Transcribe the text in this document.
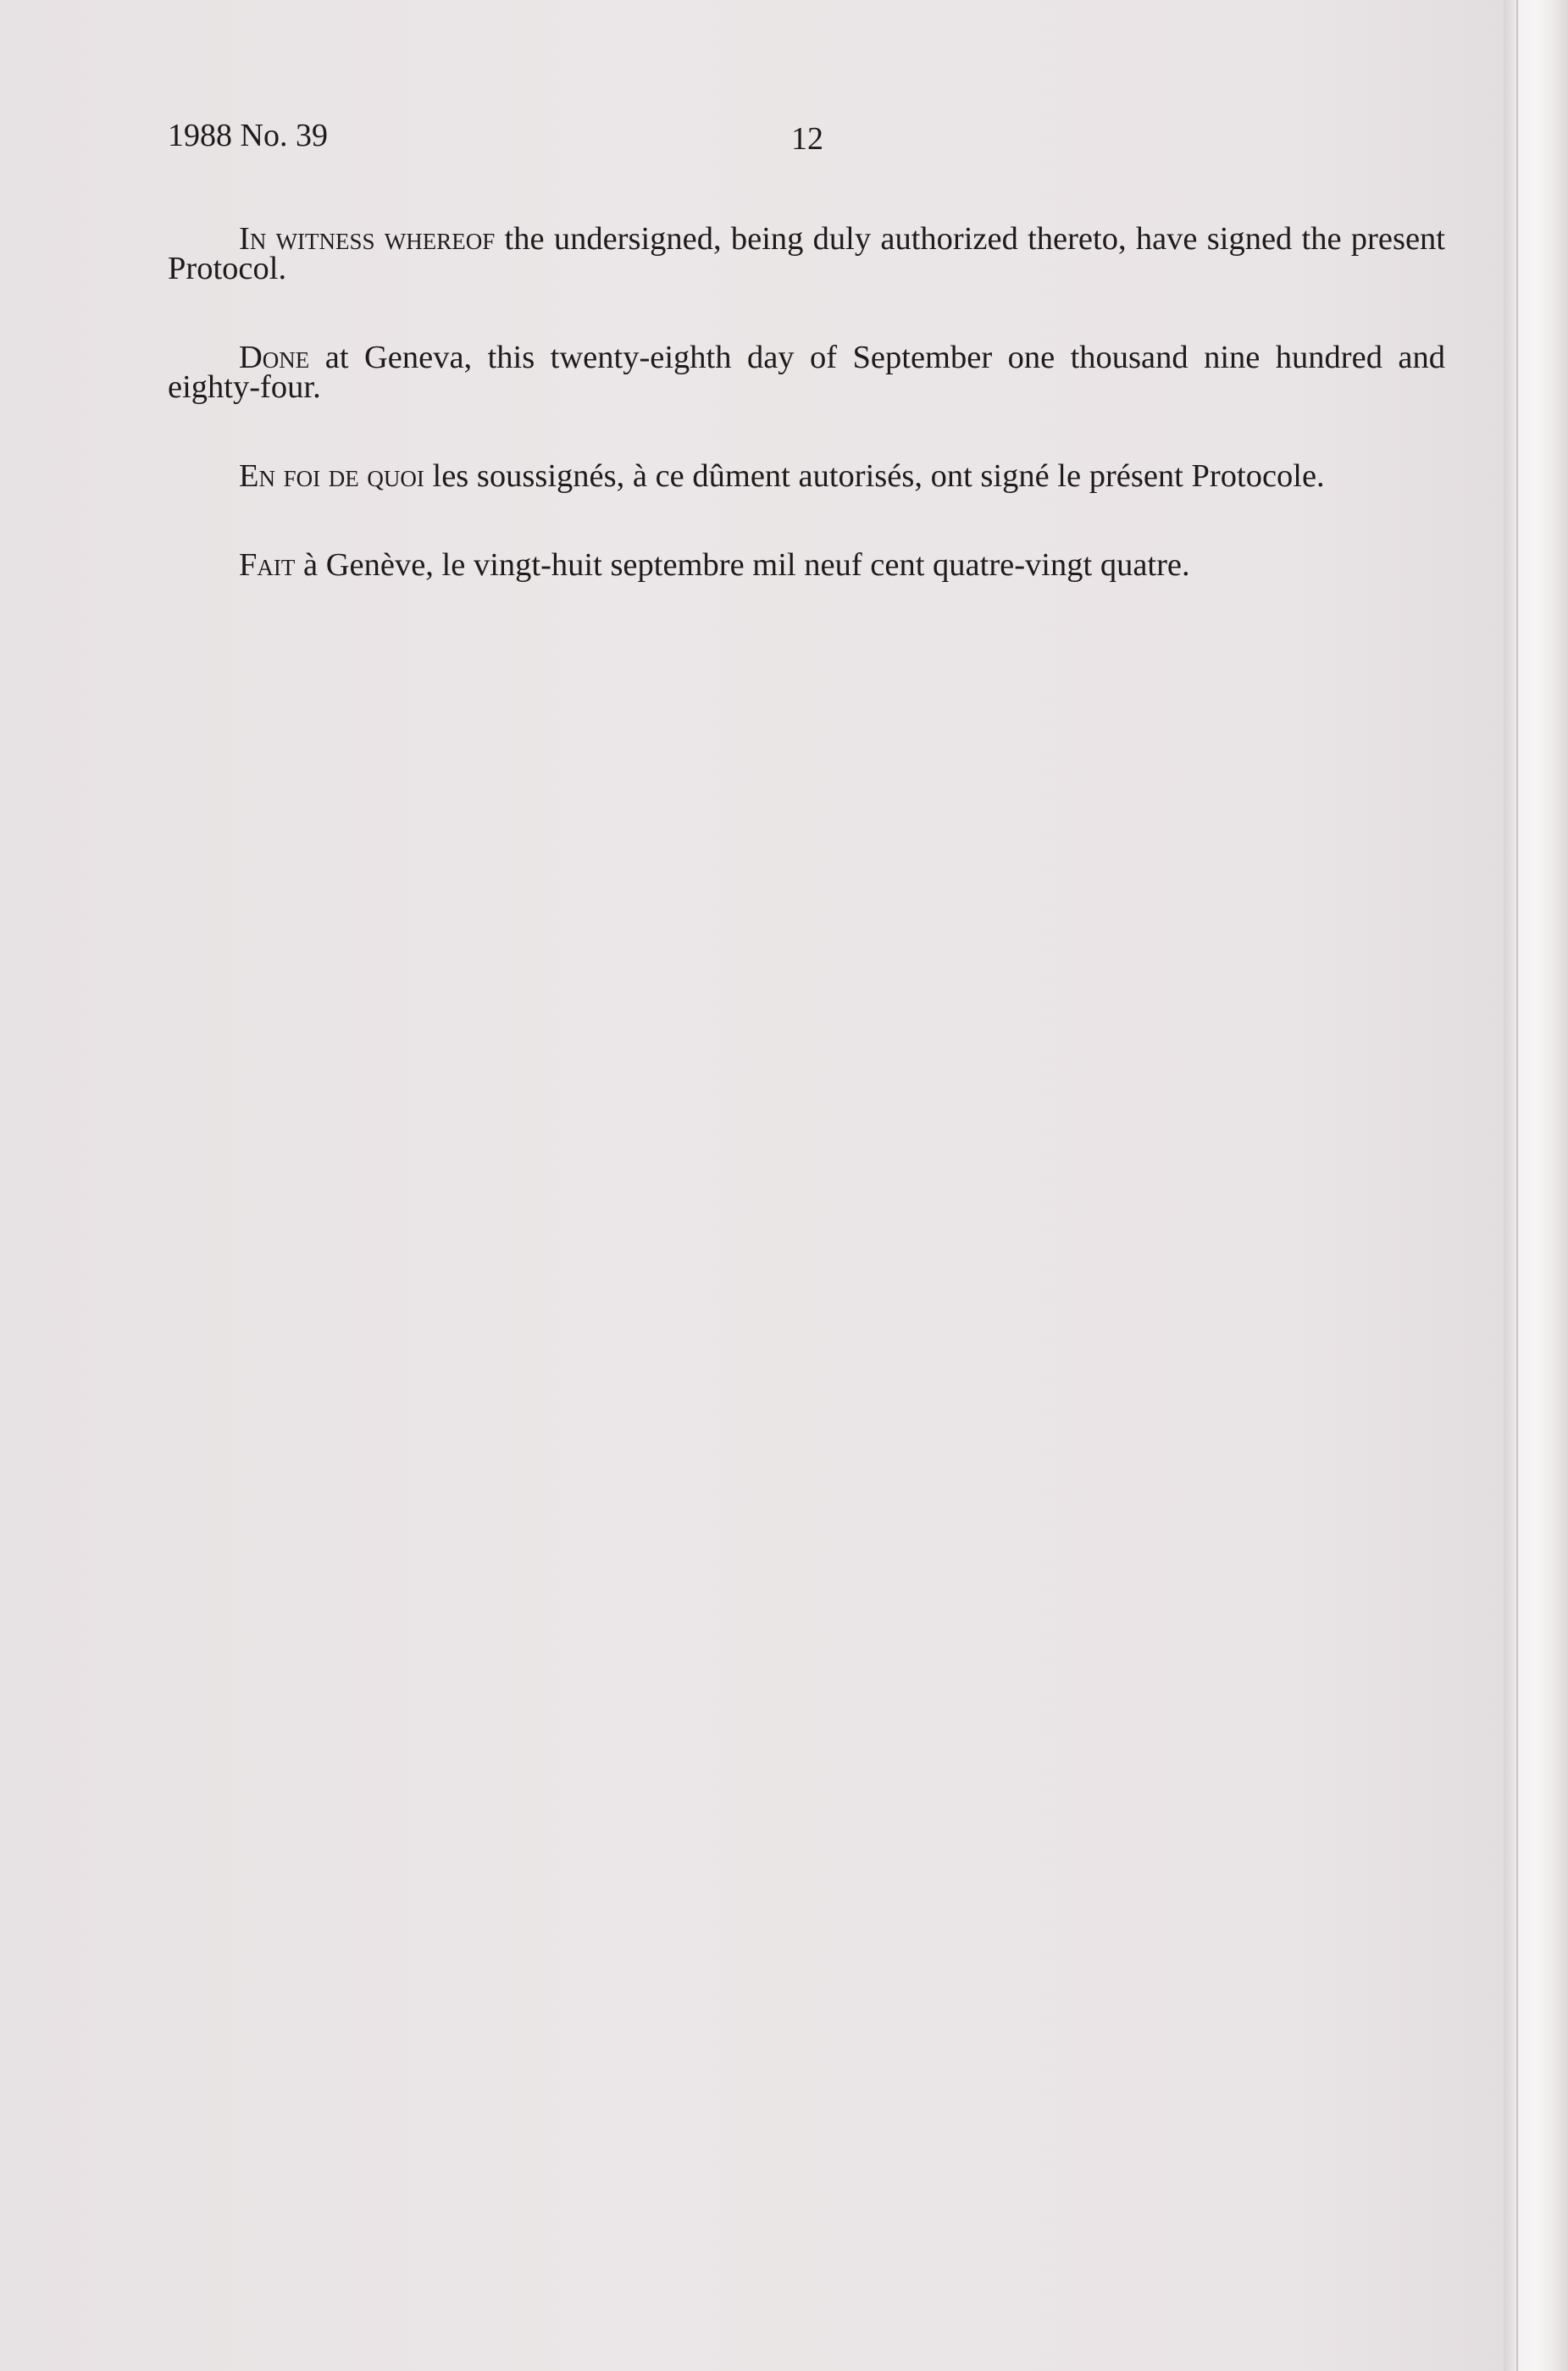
1988 No. 39	12

In witness whereof the undersigned, being duly authorized thereto, have signed the present Protocol.

Done at Geneva, this twenty-eighth day of September one thousand nine hundred and eighty-four.

En foi de quoi les soussignés, à ce dûment autorisés, ont signé le présent Protocole.

Fait à Genève, le vingt-huit septembre mil neuf cent quatre-vingt quatre.
